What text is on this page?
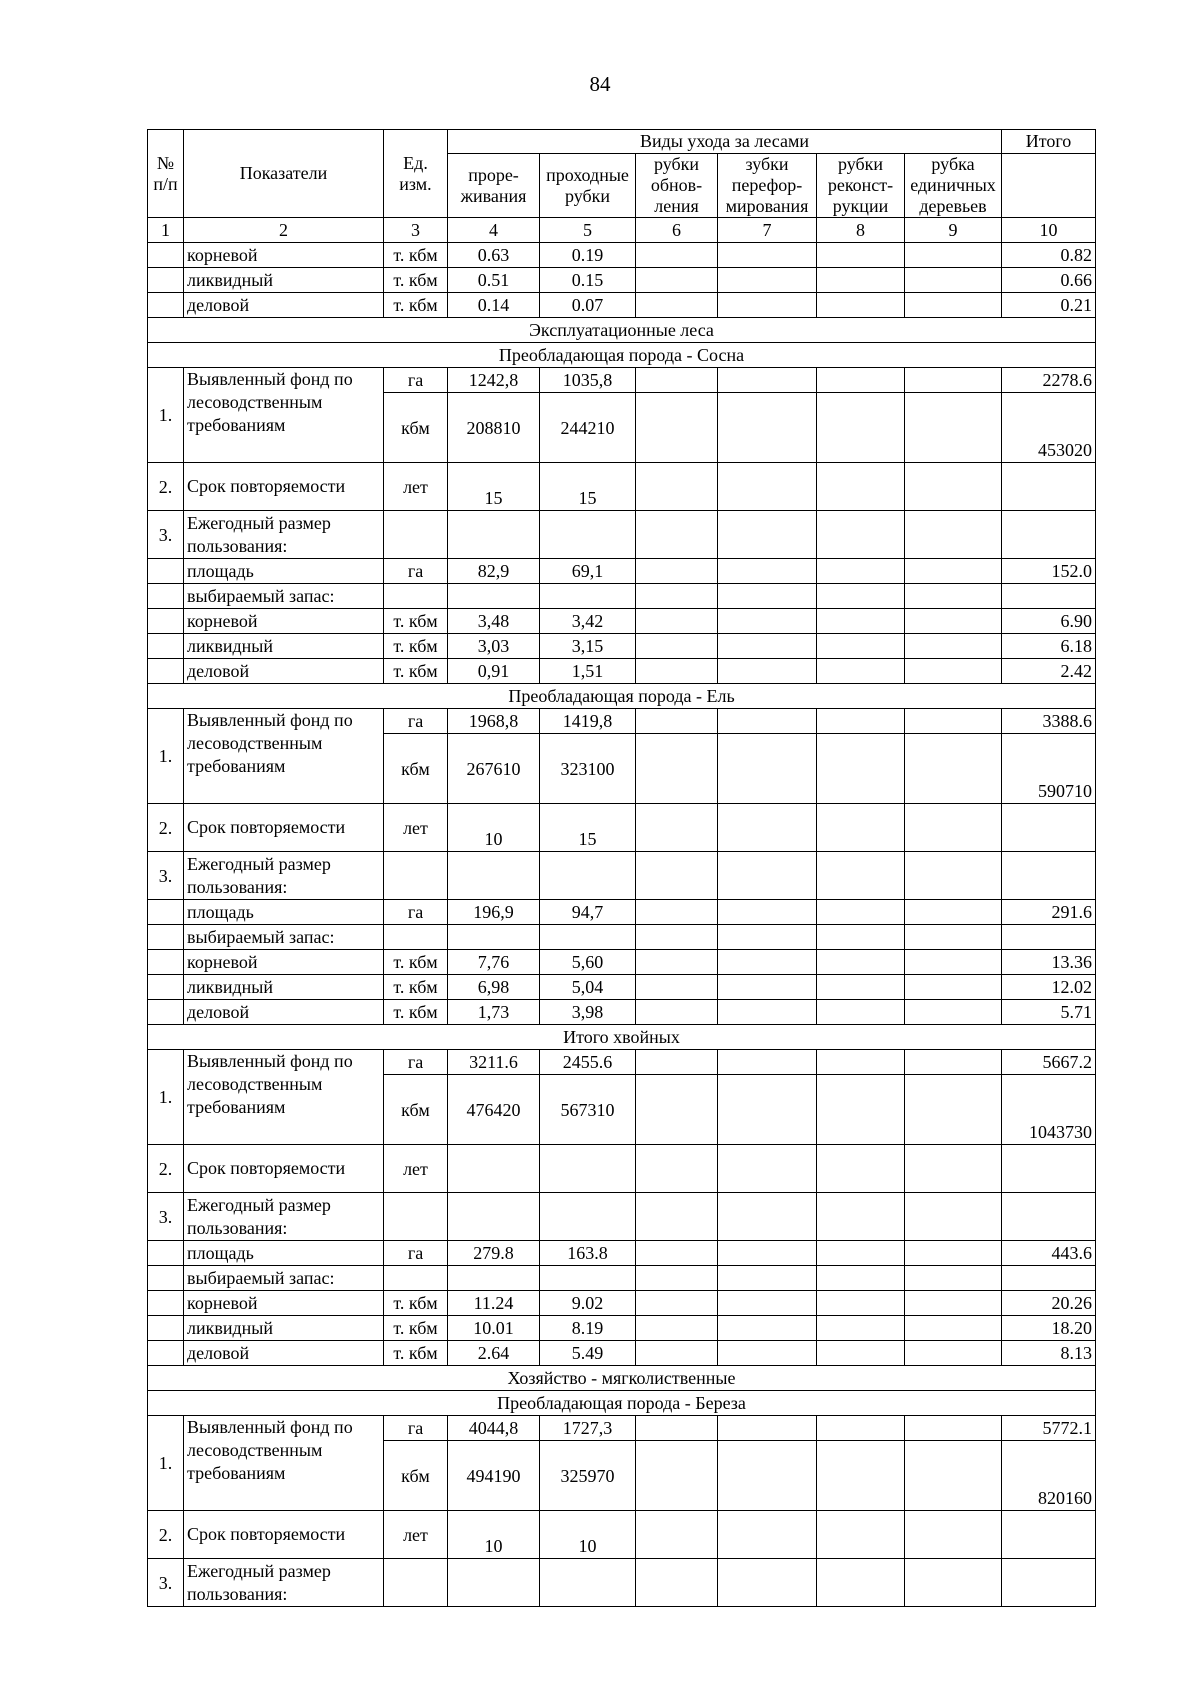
84
№ п/п	Показатели	Ед. изм.	Виды ухода за лесами						Итого
			проре-живания	проходные рубки	рубки обнов-ления	зубки перефор-мирования	рубки реконст-рукции	рубка единичных деревьев	
1	2	3	4	5	6	7	8	9	10
	корневой	т. кбм	0.63	0.19					0.82
	ликвидный	т. кбм	0.51	0.15					0.66
	деловой	т. кбм	0.14	0.07					0.21
Эксплуатационные леса									
Преобладающая порода - Сосна									
1.	Выявленный фонд по лесоводственным требованиям	га	1242,8	1035,8					2278.6
		кбм	208810	244210					453020
2.	Срок повторяемости	лет	15	15					
3.	Ежегодный размер пользования:								
	площадь	га	82,9	69,1					152.0
	выбираемый запас:								
	корневой	т. кбм	3,48	3,42					6.90
	ликвидный	т. кбм	3,03	3,15					6.18
	деловой	т. кбм	0,91	1,51					2.42
Преобладающая порода - Ель									
1.	Выявленный фонд по лесоводственным требованиям	га	1968,8	1419,8					3388.6
		кбм	267610	323100					590710
2.	Срок повторяемости	лет	10	15					
3.	Ежегодный размер пользования:								
	площадь	га	196,9	94,7					291.6
	выбираемый запас:								
	корневой	т. кбм	7,76	5,60					13.36
	ликвидный	т. кбм	6,98	5,04					12.02
	деловой	т. кбм	1,73	3,98					5.71
Итого хвойных									
1.	Выявленный фонд по лесоводственным требованиям	га	3211.6	2455.6					5667.2
		кбм	476420	567310					1043730
2.	Срок повторяемости	лет							
3.	Ежегодный размер пользования:								
	площадь	га	279.8	163.8					443.6
	выбираемый запас:								
	корневой	т. кбм	11.24	9.02					20.26
	ликвидный	т. кбм	10.01	8.19					18.20
	деловой	т. кбм	2.64	5.49					8.13
Хозяйство - мягколиственные									
Преобладающая порода - Береза									
1.	Выявленный фонд по лесоводственным требованиям	га	4044,8	1727,3					5772.1
		кбм	494190	325970					820160
2.	Срок повторяемости	лет	10	10					
3.	Ежегодный размер пользования:								
